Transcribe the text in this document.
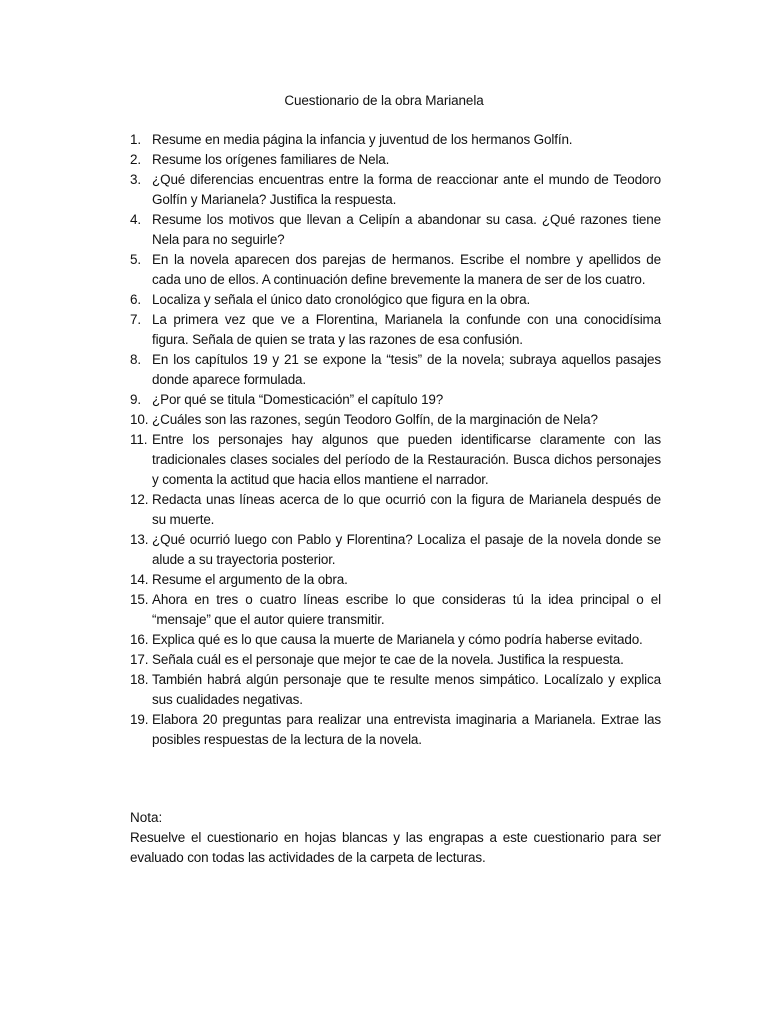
Cuestionario de la obra Marianela
1. Resume en media página la infancia y juventud de los hermanos Golfín.
2. Resume los orígenes familiares de Nela.
3. ¿Qué diferencias encuentras entre la forma de reaccionar ante el mundo de Teodoro Golfín y Marianela? Justifica la respuesta.
4. Resume los motivos que llevan a Celipín a abandonar su casa. ¿Qué razones tiene Nela para no seguirle?
5. En la novela aparecen dos parejas de hermanos. Escribe el nombre y apellidos de cada uno de ellos. A continuación define brevemente la manera de ser de los cuatro.
6. Localiza y señala el único dato cronológico que figura en la obra.
7. La primera vez que ve a Florentina, Marianela la confunde con una conocidísima figura. Señala de quien se trata y las razones de esa confusión.
8. En los capítulos 19 y 21 se expone la “tesis” de la novela; subraya aquellos pasajes donde aparece formulada.
9. ¿Por qué se titula “Domesticación” el capítulo 19?
10. ¿Cuáles son las razones, según Teodoro Golfín, de la marginación de Nela?
11. Entre los personajes hay algunos que pueden identificarse claramente con las tradicionales clases sociales del período de la Restauración. Busca dichos personajes y comenta la actitud que hacia ellos mantiene el narrador.
12. Redacta unas líneas acerca de lo que ocurrió con la figura de Marianela después de su muerte.
13. ¿Qué ocurrió luego con Pablo y Florentina? Localiza el pasaje de la novela donde se alude a su trayectoria posterior.
14. Resume el argumento de la obra.
15. Ahora en tres o cuatro líneas escribe lo que consideras tú la idea principal o el “mensaje” que el autor quiere transmitir.
16. Explica qué es lo que causa la muerte de Marianela y cómo podría haberse evitado.
17. Señala cuál es el personaje que mejor te cae de la novela. Justifica la respuesta.
18. También habrá algún personaje que te resulte menos simpático. Localízalo y explica sus cualidades negativas.
19. Elabora 20 preguntas para realizar una entrevista imaginaria a Marianela. Extrae las posibles respuestas de la lectura de la novela.
Nota:
Resuelve el cuestionario en hojas blancas y las engrapas a este cuestionario para ser evaluado con todas las actividades de la carpeta de lecturas.
